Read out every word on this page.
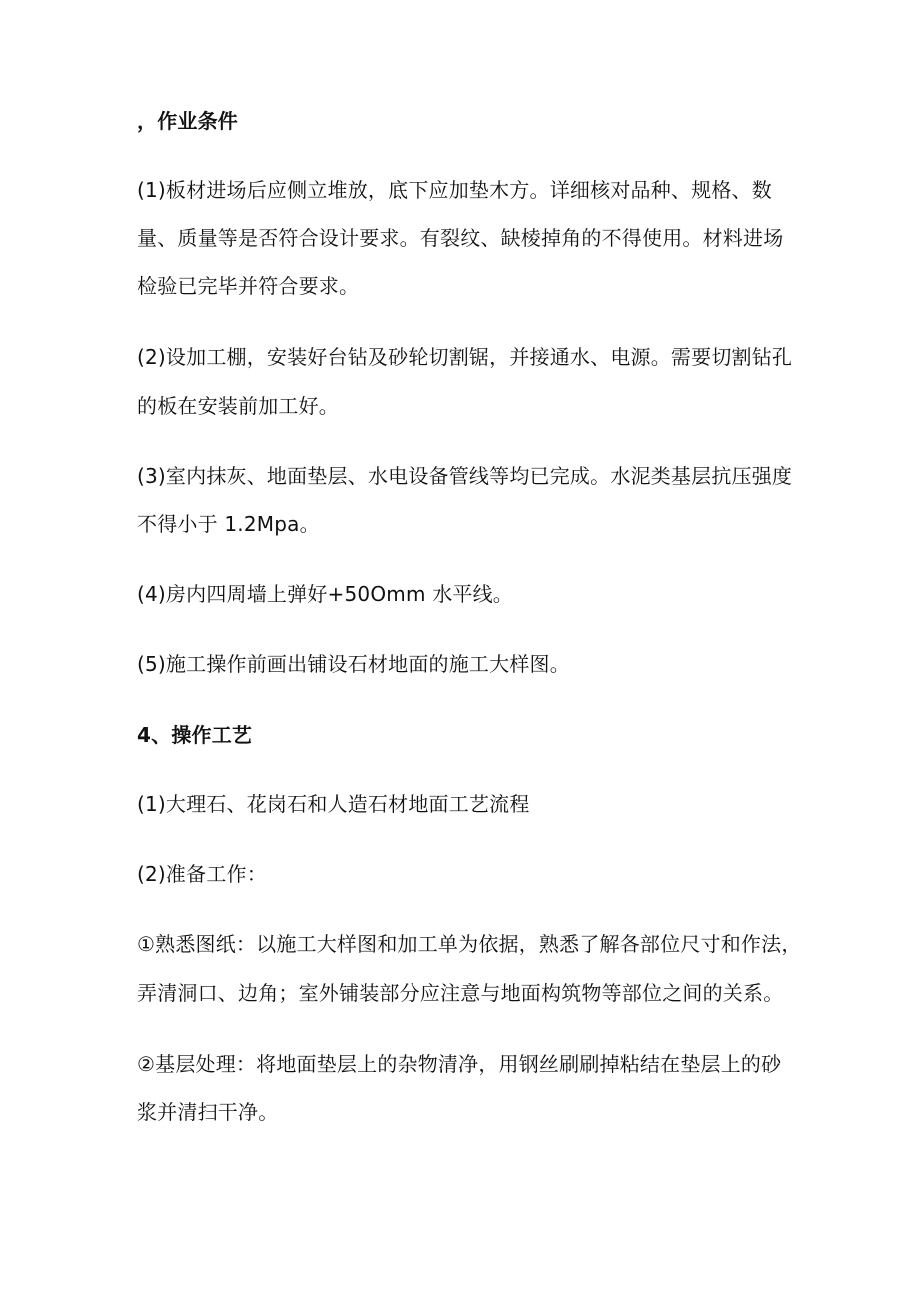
，作业条件
(1)板材进场后应侧立堆放，底下应加垫木方。详细核对品种、规格、数
量、质量等是否符合设计要求。有裂纹、缺棱掉角的不得使用。材料进场
检验已完毕并符合要求。
(2)设加工棚，安装好台钻及砂轮切割锯，并接通水、电源。需要切割钻孔
的板在安装前加工好。
(3)室内抹灰、地面垫层、水电设备管线等均已完成。水泥类基层抗压强度
不得小于 1.2Mpa。
(4)房内四周墙上弹好+50Omm 水平线。
(5)施工操作前画出铺设石材地面的施工大样图。
4、操作工艺
(1)大理石、花岗石和人造石材地面工艺流程
(2)准备工作：
①熟悉图纸：以施工大样图和加工单为依据，熟悉了解各部位尺寸和作法，
弄清洞口、边角；室外铺装部分应注意与地面构筑物等部位之间的关系。
②基层处理：将地面垫层上的杂物清净，用钢丝刷刷掉粘结在垫层上的砂
浆并清扫干净。
